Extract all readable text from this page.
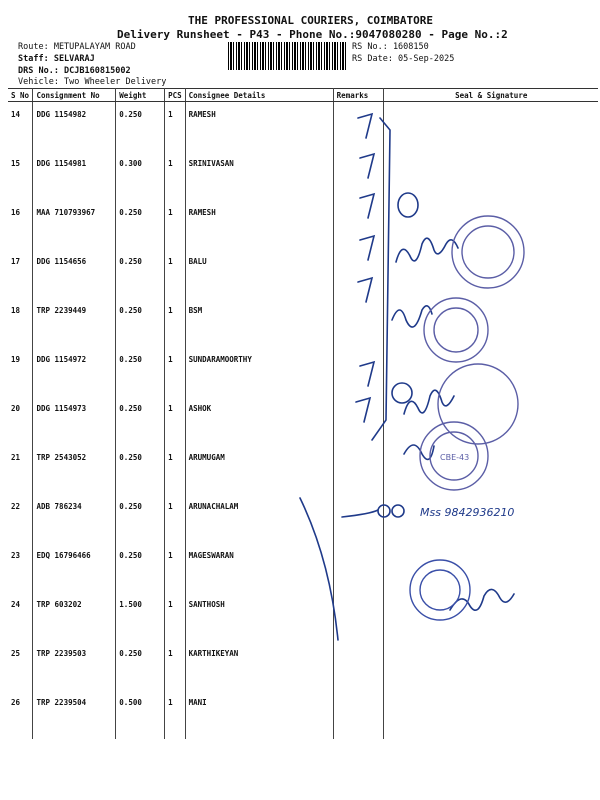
THE PROFESSIONAL COURIERS, COIMBATORE
Delivery Runsheet - P43 - Phone No.:9047080280 - Page No.:2
Route: METUPALAYAM ROAD
Staff: SELVARAJ
DRS No.: DCJB160815002
Vehicle: Two Wheeler Delivery
RS No.: 1608150
RS Date: 05-Sep-2025
S No	Consignment No	Weight	PCS	Consignee Details	Remarks	Seal & Signature
14	DDG 1154982	0.250	1	RAMESH		
15	DDG 1154981	0.300	1	SRINIVASAN		
16	MAA 710793967	0.250	1	RAMESH		
17	DDG 1154656	0.250	1	BALU		
18	TRP 2239449	0.250	1	BSM		
19	DDG 1154972	0.250	1	SUNDARAMOORTHY		
20	DDG 1154973	0.250	1	ASHOK		
21	TRP 2543052	0.250	1	ARUMUGAM		
22	ADB 786234	0.250	1	ARUNACHALAM		
23	EDQ 16796466	0.250	1	MAGESWARAN		
24	TRP 603202	1.500	1	SANTHOSH		
25	TRP 2239503	0.250	1	KARTHIKEYAN		
26	TRP 2239504	0.500	1	MANI		
Mss 9842936210
CBE-43
